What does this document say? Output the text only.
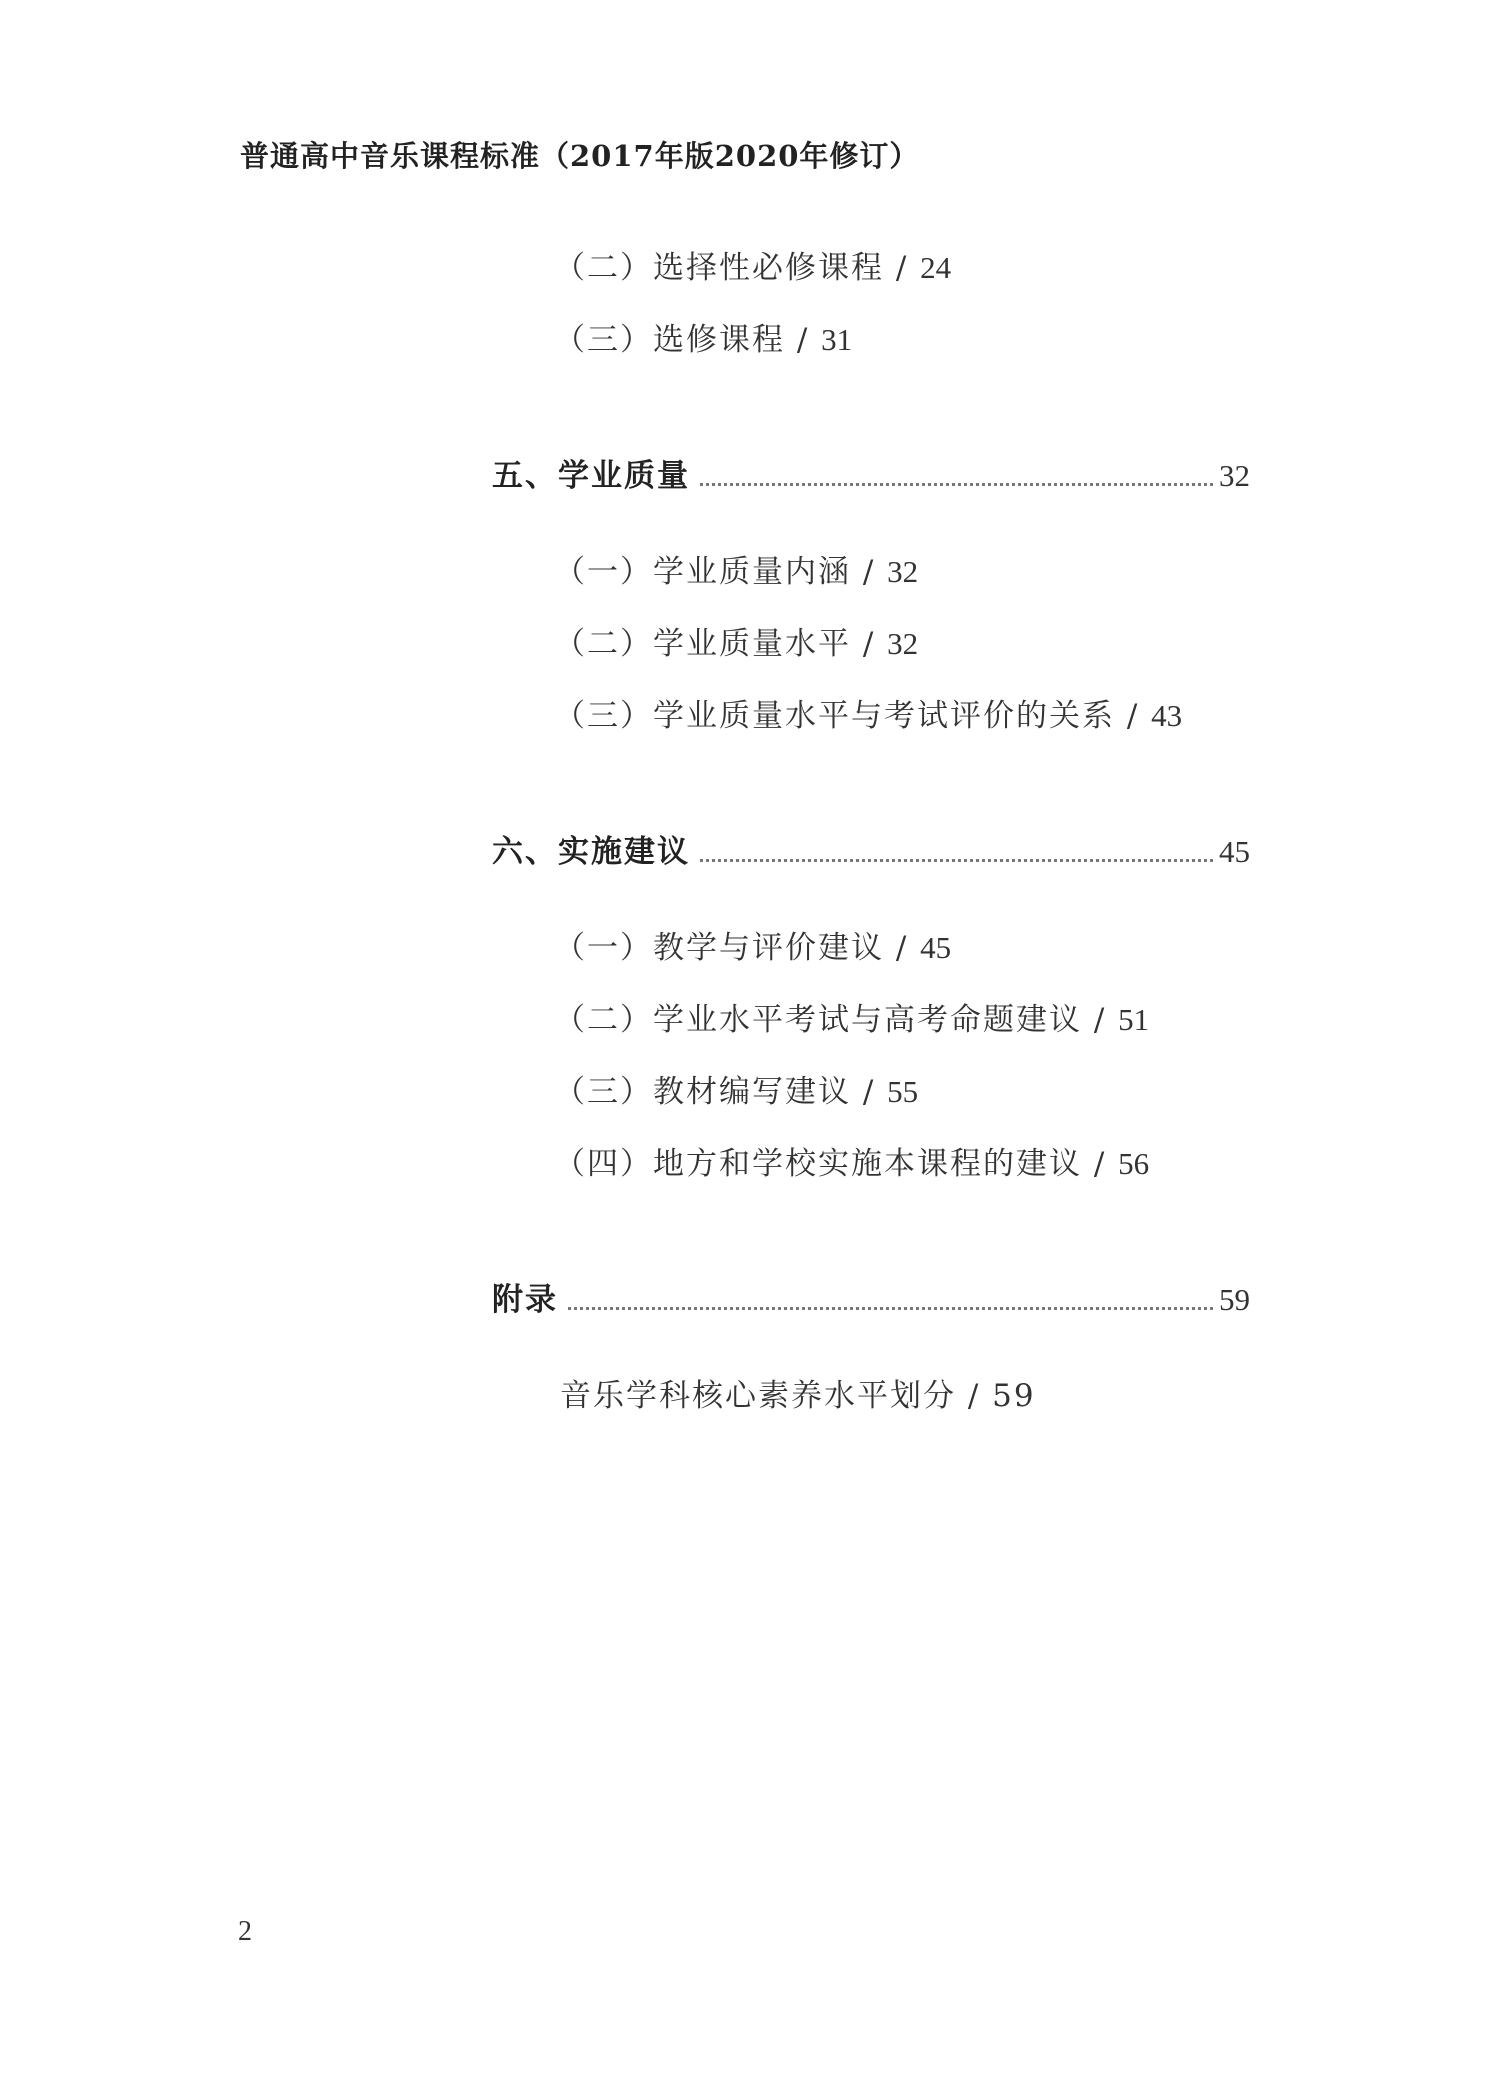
普通高中音乐课程标准（2017年版2020年修订）
（二）选择性必修课程 / 24
（三）选修课程 / 31
五、学业质量	32
（一）学业质量内涵 / 32
（二）学业质量水平 / 32
（三）学业质量水平与考试评价的关系 / 43
六、实施建议	45
（一）教学与评价建议 / 45
（二）学业水平考试与高考命题建议 / 51
（三）教材编写建议 / 55
（四）地方和学校实施本课程的建议 / 56
附录	59
音乐学科核心素养水平划分 / 59
2
